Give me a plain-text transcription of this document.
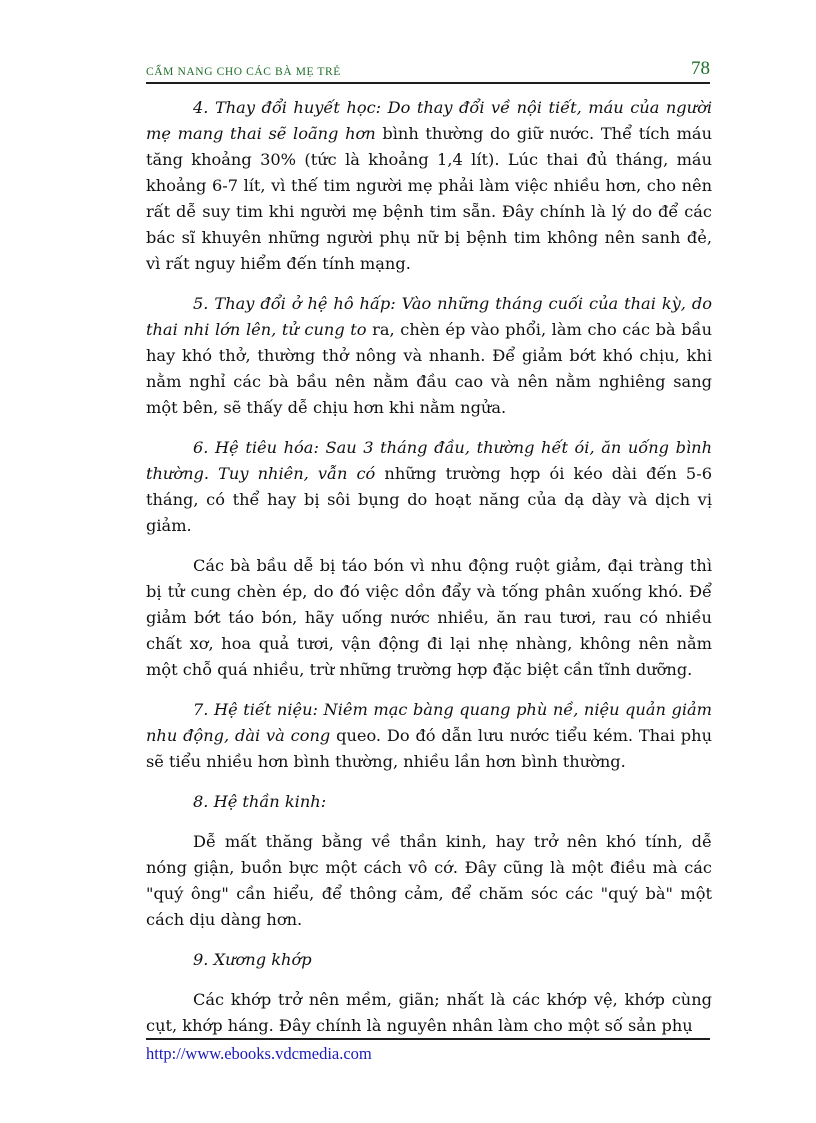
CẨM NANG CHO CÁC BÀ MẸ TRẺ	78

4. Thay đổi huyết học: Do thay đổi về nội tiết, máu của người mẹ mang thai sẽ loãng hơn bình thường do giữ nước. Thể tích máu tăng khoảng 30% (tức là khoảng 1,4 lít). Lúc thai đủ tháng, máu khoảng 6-7 lít, vì thế tim người mẹ phải làm việc nhiều hơn, cho nên rất dễ suy tim khi người mẹ bệnh tim sẵn. Đây chính là lý do để các bác sĩ khuyên những người phụ nữ bị bệnh tim không nên sanh đẻ, vì rất nguy hiểm đến tính mạng.

5. Thay đổi ở hệ hô hấp: Vào những tháng cuối của thai kỳ, do thai nhi lớn lên, tử cung to ra, chèn ép vào phổi, làm cho các bà bầu hay khó thở, thường thở nông và nhanh. Để giảm bớt khó chịu, khi nằm nghỉ các bà bầu nên nằm đầu cao và nên nằm nghiêng sang một bên, sẽ thấy dễ chịu hơn khi nằm ngửa.

6. Hệ tiêu hóa: Sau 3 tháng đầu, thường hết ói, ăn uống bình thường. Tuy nhiên, vẫn có những trường hợp ói kéo dài đến 5-6 tháng, có thể hay bị sôi bụng do hoạt năng của dạ dày và dịch vị giảm.

Các bà bầu dễ bị táo bón vì nhu động ruột giảm, đại tràng thì bị tử cung chèn ép, do đó việc dồn đẩy và tống phân xuống khó. Để giảm bớt táo bón, hãy uống nước nhiều, ăn rau tươi, rau có nhiều chất xơ, hoa quả tươi, vận động đi lại nhẹ nhàng, không nên nằm một chỗ quá nhiều, trừ những trường hợp đặc biệt cần tĩnh dưỡng.

7. Hệ tiết niệu: Niêm mạc bàng quang phù nề, niệu quản giảm nhu động, dài và cong queo. Do đó dẫn lưu nước tiểu kém. Thai phụ sẽ tiểu nhiều hơn bình thường, nhiều lần hơn bình thường.

8. Hệ thần kinh:

Dễ mất thăng bằng về thần kinh, hay trở nên khó tính, dễ nóng giận, buồn bực một cách vô cớ. Đây cũng là một điều mà các "quý ông" cần hiểu, để thông cảm, để chăm sóc các "quý bà" một cách dịu dàng hơn.

9. Xương khớp

Các khớp trở nên mềm, giãn; nhất là các khớp vệ, khớp cùng cụt, khớp háng. Đây chính là nguyên nhân làm cho một số sản phụ

http://www.ebooks.vdcmedia.com
